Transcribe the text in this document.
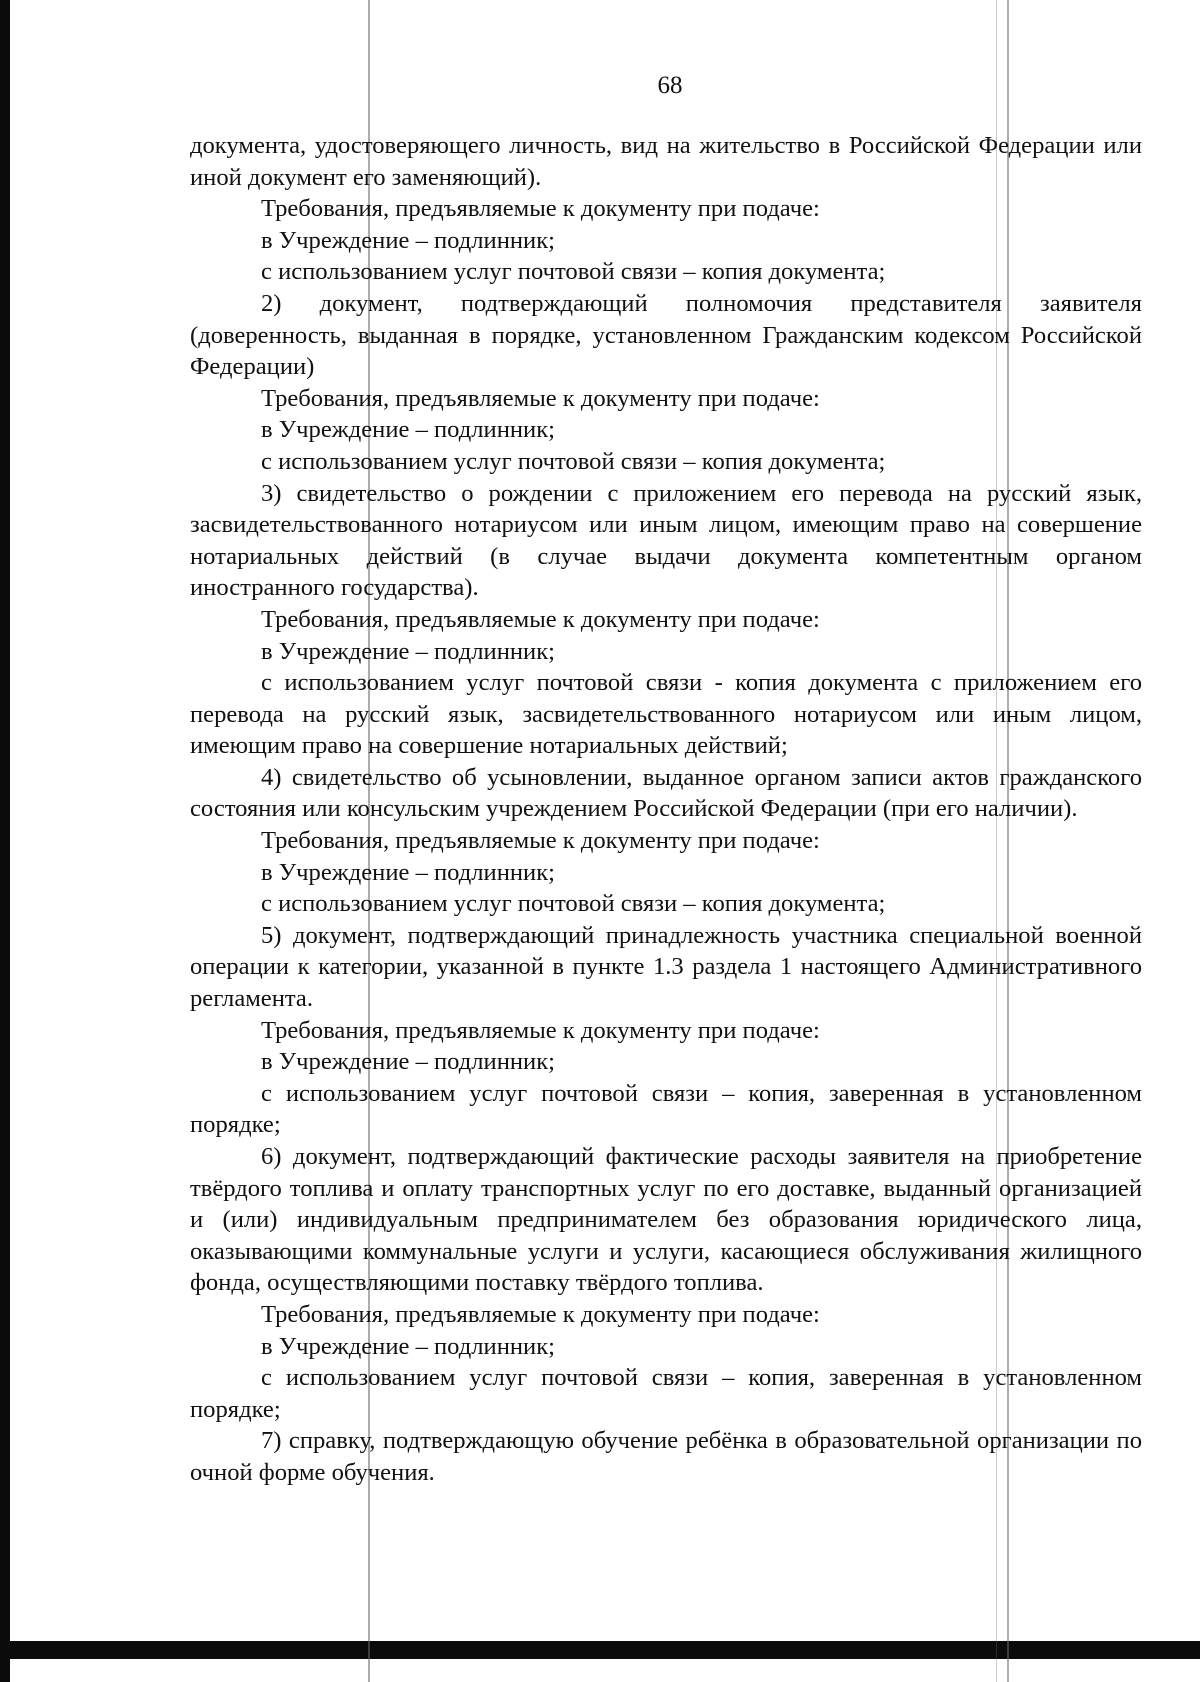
68

документа, удостоверяющего личность, вид на жительство в Российской Федерации или иной документ его заменяющий).

Требования, предъявляемые к документу при подаче:

в Учреждение – подлинник;

с использованием услуг почтовой связи – копия документа;

2) документ, подтверждающий полномочия представителя заявителя (доверенность, выданная в порядке, установленном Гражданским кодексом Российской Федерации)

Требования, предъявляемые к документу при подаче:

в Учреждение – подлинник;

с использованием услуг почтовой связи – копия документа;

3) свидетельство о рождении с приложением его перевода на русский язык, засвидетельствованного нотариусом или иным лицом, имеющим право на совершение нотариальных действий (в случае выдачи документа компетентным органом иностранного государства).

Требования, предъявляемые к документу при подаче:

в Учреждение – подлинник;

с использованием услуг почтовой связи - копия документа с приложением его перевода на русский язык, засвидетельствованного нотариусом или иным лицом, имеющим право на совершение нотариальных действий;

4) свидетельство об усыновлении, выданное органом записи актов гражданского состояния или консульским учреждением Российской Федерации (при его наличии).

Требования, предъявляемые к документу при подаче:

в Учреждение – подлинник;

с использованием услуг почтовой связи – копия документа;

5) документ, подтверждающий принадлежность участника специальной военной операции к категории, указанной в пункте 1.3 раздела 1 настоящего Административного регламента.

Требования, предъявляемые к документу при подаче:

в Учреждение – подлинник;

с использованием услуг почтовой связи – копия, заверенная в установленном порядке;

6) документ, подтверждающий фактические расходы заявителя на приобретение твёрдого топлива и оплату транспортных услуг по его доставке, выданный организацией и (или) индивидуальным предпринимателем без образования юридического лица, оказывающими коммунальные услуги и услуги, касающиеся обслуживания жилищного фонда, осуществляющими поставку твёрдого топлива.

Требования, предъявляемые к документу при подаче:

в Учреждение – подлинник;

с использованием услуг почтовой связи – копия, заверенная в установленном порядке;

7) справку, подтверждающую обучение ребёнка в образовательной организации по очной форме обучения.
